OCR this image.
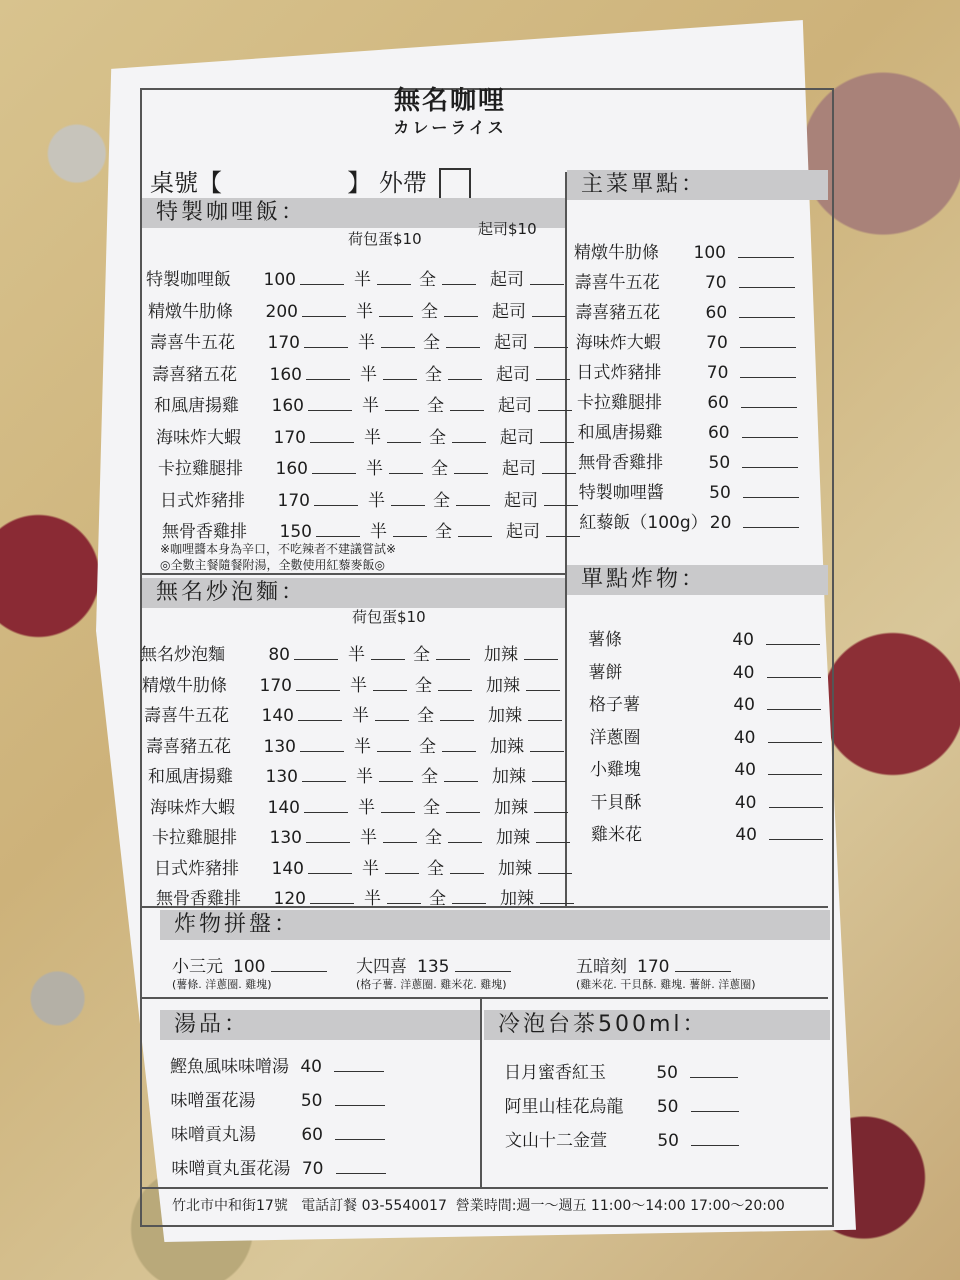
無名咖哩
カレーライス
桌號【	】 外帶
特製咖哩飯：
主菜單點：
無名炒泡麵：
單點炸物：
炸物拼盤：
湯品：	冷泡台茶500ml：
荷包蛋$10
起司$10
特製咖哩飯 100	半	全	起司
精燉牛肋條 200	半	全	起司
壽喜牛五花 170	半	全	起司
壽喜豬五花 160	半	全	起司
和風唐揚雞 160	半	全	起司
海味炸大蝦 170	半	全	起司
卡拉雞腿排 160	半	全	起司
日式炸豬排 170	半	全	起司
無骨香雞排 150	半	全	起司
※咖哩醬本身為辛口，不吃辣者不建議嘗試※
◎全數主餐隨餐附湯，全數使用紅藜麥飯◎
精燉牛肋條 100
壽喜牛五花	70
壽喜豬五花	60
海味炸大蝦	70
日式炸豬排	70
卡拉雞腿排	60
和風唐揚雞	60
無骨香雞排	50
特製咖哩醬	50
紅藜飯（100g） 20
荷包蛋$10
無名炒泡麵	80	半	全	加辣
精燉牛肋條 170	半	全	加辣
壽喜牛五花 140	半	全	加辣
壽喜豬五花 130	半	全	加辣
和風唐揚雞 130	半	全	加辣
海味炸大蝦 140	半	全	加辣
卡拉雞腿排 130	半	全	加辣
日式炸豬排 140	半	全	加辣
無骨香雞排 120	半	全	加辣
薯條	40
薯餅	40
格子薯	40
洋蔥圈	40
小雞塊	40
干貝酥	40
雞米花	40
小三元 100
(薯條. 洋蔥圈. 雞塊)
大四喜 135
(格子薯. 洋蔥圈. 雞米花. 雞塊)
五暗刻 170
(雞米花. 干貝酥. 雞塊. 薯餅. 洋蔥圈)
鰹魚風味味噌湯 40
味噌蛋花湯	50
味噌貢丸湯	60
味噌貢丸蛋花湯 70
日月蜜香紅玉	50
阿里山桂花烏龍 50
文山十二金萱	50
竹北市中和街17號 電話訂餐 03-5540017 營業時間:週一～週五 11:00～14:00 17:00～20:00
